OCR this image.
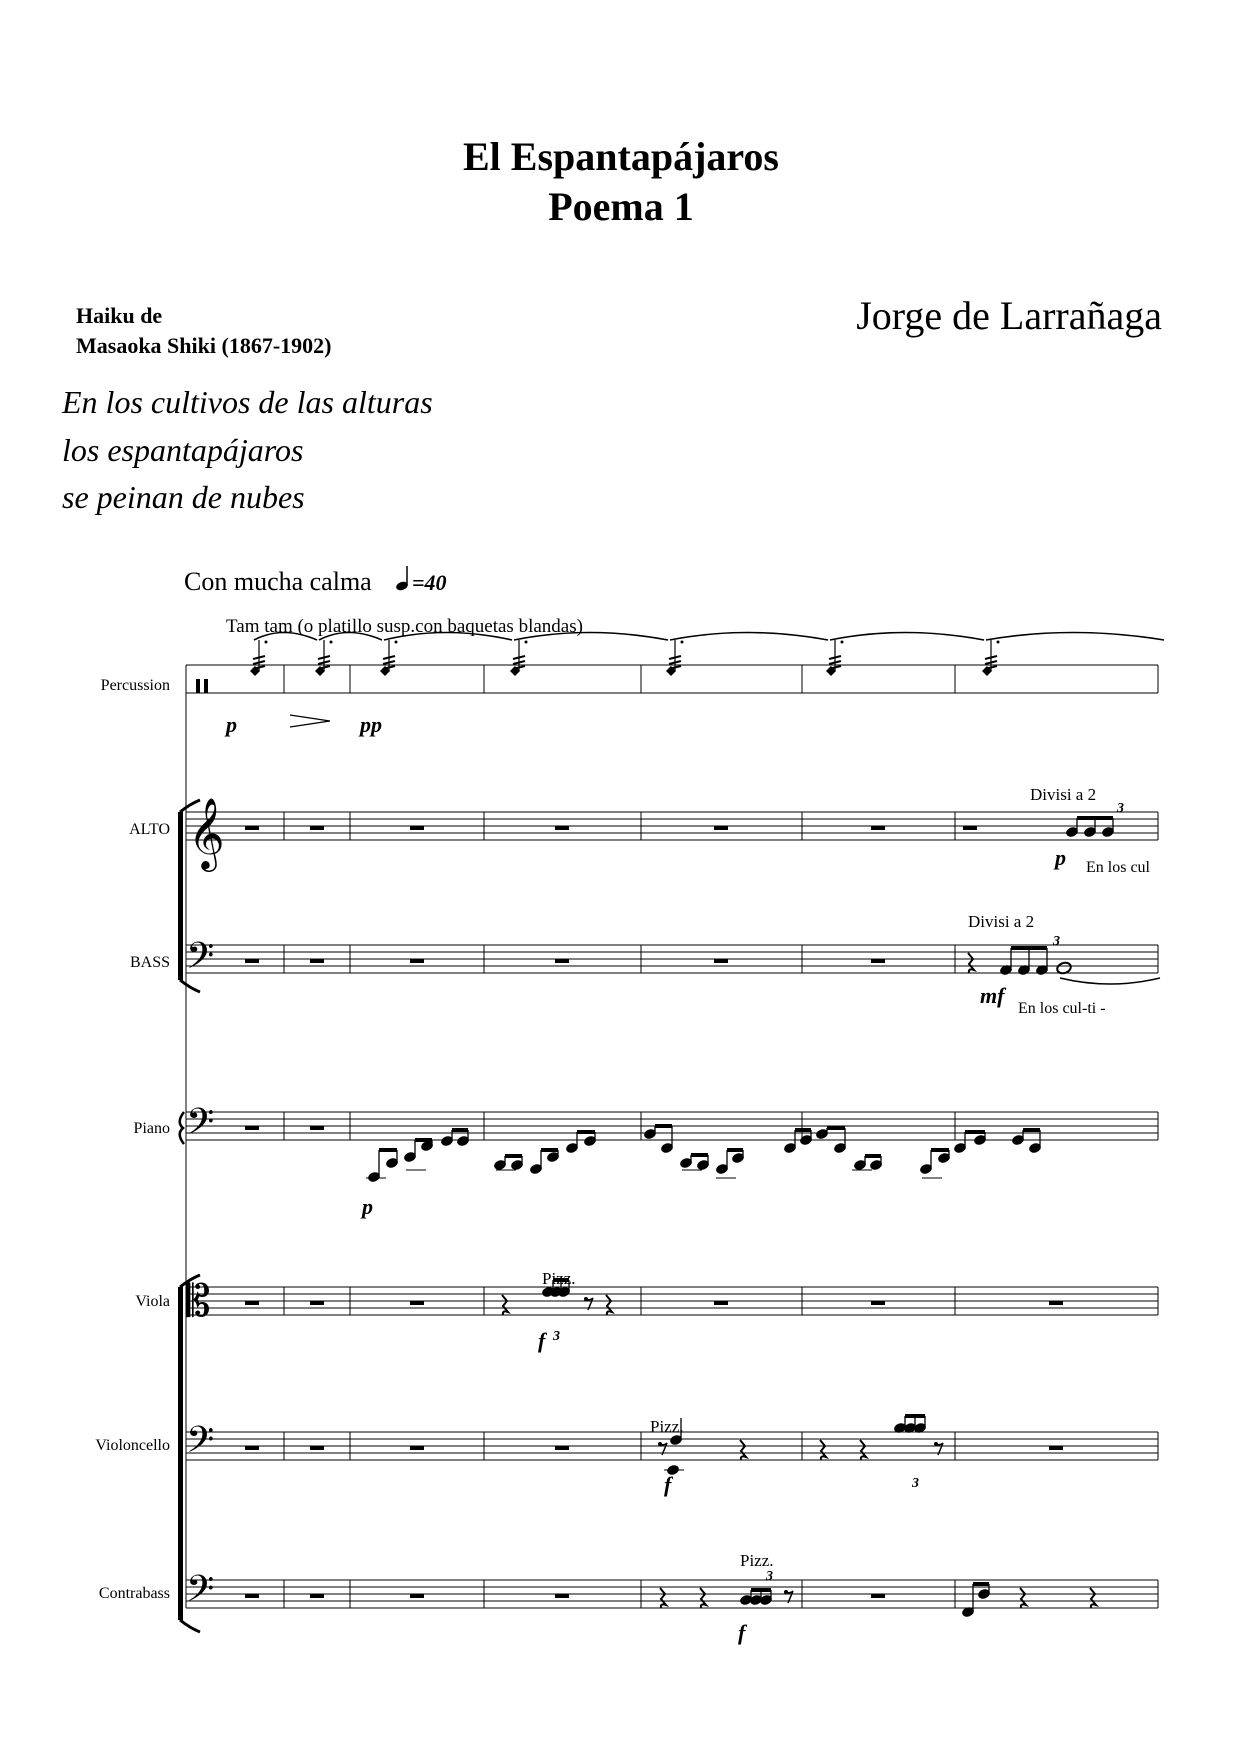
El Espantapájaros
Poema 1
Haiku de
Masaoka Shiki (1867-1902)
Jorge de Larrañaga
En los cultivos de las alturas
los espantapájaros
se peinan de nubes
Con mucha calma =40
Tam tam (o platillo susp.con baquetas blandas)
Percussion
ALTO
BASS
Piano
Viola
Violoncello
Contrabass
𝄞
𝄢
𝄢
𝄡
𝄢
𝄢
p	pp
Divisi a 2
3
p En los cul
Divisi a 2
3
mf
En los cul-ti -
p
Pizz.
f 3
Pizz.
f	3
Pizz.
3
f
